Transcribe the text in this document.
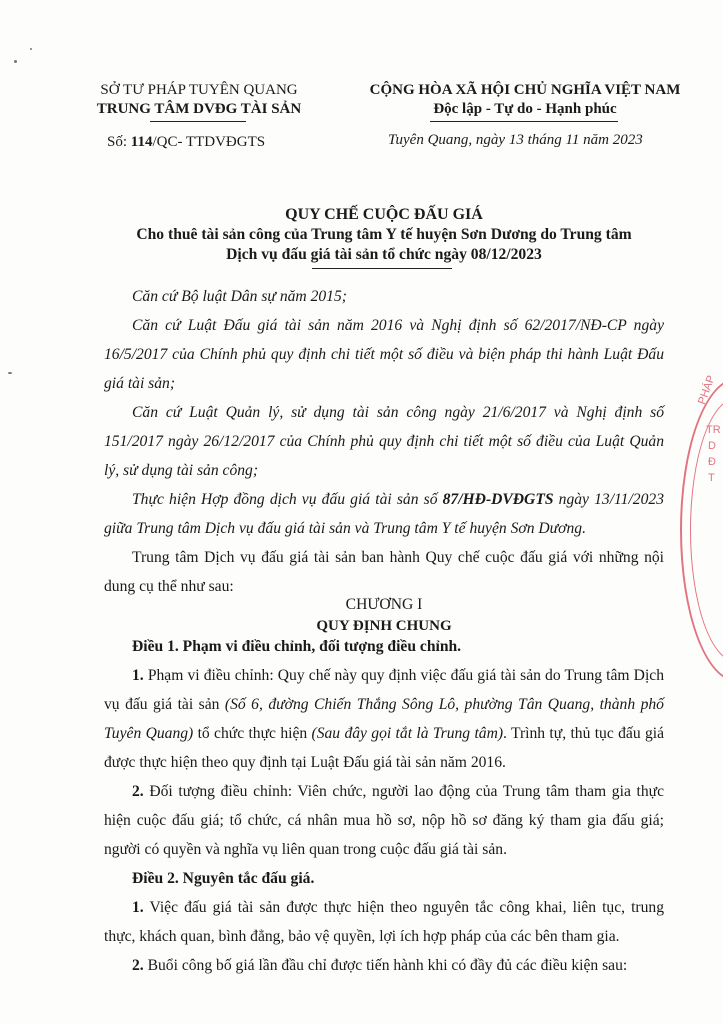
SỞ TƯ PHÁP TUYÊN QUANG
TRUNG TÂM DVĐG TÀI SẢN
Số: 114/QC- TTDVĐGTS
CỘNG HÒA XÃ HỘI CHỦ NGHĨA VIỆT NAM
Độc lập - Tự do - Hạnh phúc
Tuyên Quang, ngày 13 tháng 11 năm 2023
QUY CHẾ CUỘC ĐẤU GIÁ
Cho thuê tài sản công của Trung tâm Y tế huyện Sơn Dương do Trung tâm
Dịch vụ đấu giá tài sản tổ chức ngày 08/12/2023

Căn cứ Bộ luật Dân sự năm 2015;

Căn cứ Luật Đấu giá tài sản năm 2016 và Nghị định số 62/2017/NĐ-CP ngày 16/5/2017 của Chính phủ quy định chi tiết một số điều và biện pháp thi hành Luật Đấu giá tài sản;

Căn cứ Luật Quản lý, sử dụng tài sản công ngày 21/6/2017 và Nghị định số 151/2017 ngày 26/12/2017 của Chính phủ quy định chi tiết một số điều của Luật Quản lý, sử dụng tài sản công;

Thực hiện Hợp đồng dịch vụ đấu giá tài sản số 87/HĐ-DVĐGTS ngày 13/11/2023 giữa Trung tâm Dịch vụ đấu giá tài sản và Trung tâm Y tế huyện Sơn Dương.

Trung tâm Dịch vụ đấu giá tài sản ban hành Quy chế cuộc đấu giá với những nội dung cụ thể như sau:

CHƯƠNG I
QUY ĐỊNH CHUNG

Điều 1. Phạm vi điều chỉnh, đối tượng điều chỉnh.

1. Phạm vi điều chỉnh: Quy chế này quy định việc đấu giá tài sản do Trung tâm Dịch vụ đấu giá tài sản (Số 6, đường Chiến Thắng Sông Lô, phường Tân Quang, thành phố Tuyên Quang) tổ chức thực hiện (Sau đây gọi tắt là Trung tâm). Trình tự, thủ tục đấu giá được thực hiện theo quy định tại Luật Đấu giá tài sản năm 2016.

2. Đối tượng điều chỉnh: Viên chức, người lao động của Trung tâm tham gia thực hiện cuộc đấu giá; tổ chức, cá nhân mua hồ sơ, nộp hồ sơ đăng ký tham gia đấu giá; người có quyền và nghĩa vụ liên quan trong cuộc đấu giá tài sản.

Điều 2. Nguyên tắc đấu giá.

1. Việc đấu giá tài sản được thực hiện theo nguyên tắc công khai, liên tục, trung thực, khách quan, bình đẳng, bảo vệ quyền, lợi ích hợp pháp của các bên tham gia.

2. Buổi công bố giá lần đầu chỉ được tiến hành khi có đầy đủ các điều kiện sau:

PHÁP
TR
D
Đ
T
